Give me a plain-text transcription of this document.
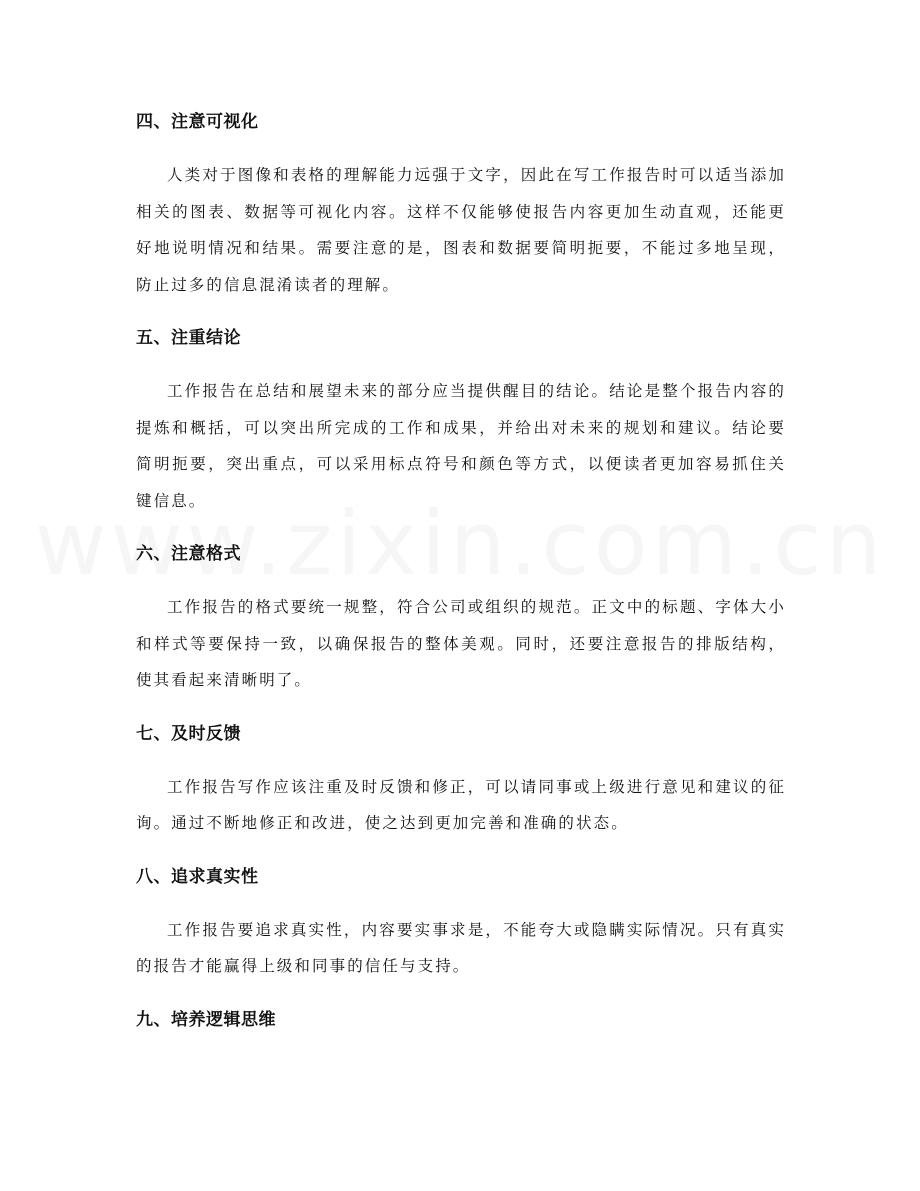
四、注意可视化

人类对于图像和表格的理解能力远强于文字，因此在写工作报告时可以适当添加相关的图表、数据等可视化内容。这样不仅能够使报告内容更加生动直观，还能更好地说明情况和结果。需要注意的是，图表和数据要简明扼要，不能过多地呈现，防止过多的信息混淆读者的理解。

五、注重结论

工作报告在总结和展望未来的部分应当提供醒目的结论。结论是整个报告内容的提炼和概括，可以突出所完成的工作和成果，并给出对未来的规划和建议。结论要简明扼要，突出重点，可以采用标点符号和颜色等方式，以便读者更加容易抓住关键信息。

六、注意格式

工作报告的格式要统一规整，符合公司或组织的规范。正文中的标题、字体大小和样式等要保持一致，以确保报告的整体美观。同时，还要注意报告的排版结构，使其看起来清晰明了。

七、及时反馈

工作报告写作应该注重及时反馈和修正，可以请同事或上级进行意见和建议的征询。通过不断地修正和改进，使之达到更加完善和准确的状态。

八、追求真实性

工作报告要追求真实性，内容要实事求是，不能夸大或隐瞒实际情况。只有真实的报告才能赢得上级和同事的信任与支持。

九、培养逻辑思维
